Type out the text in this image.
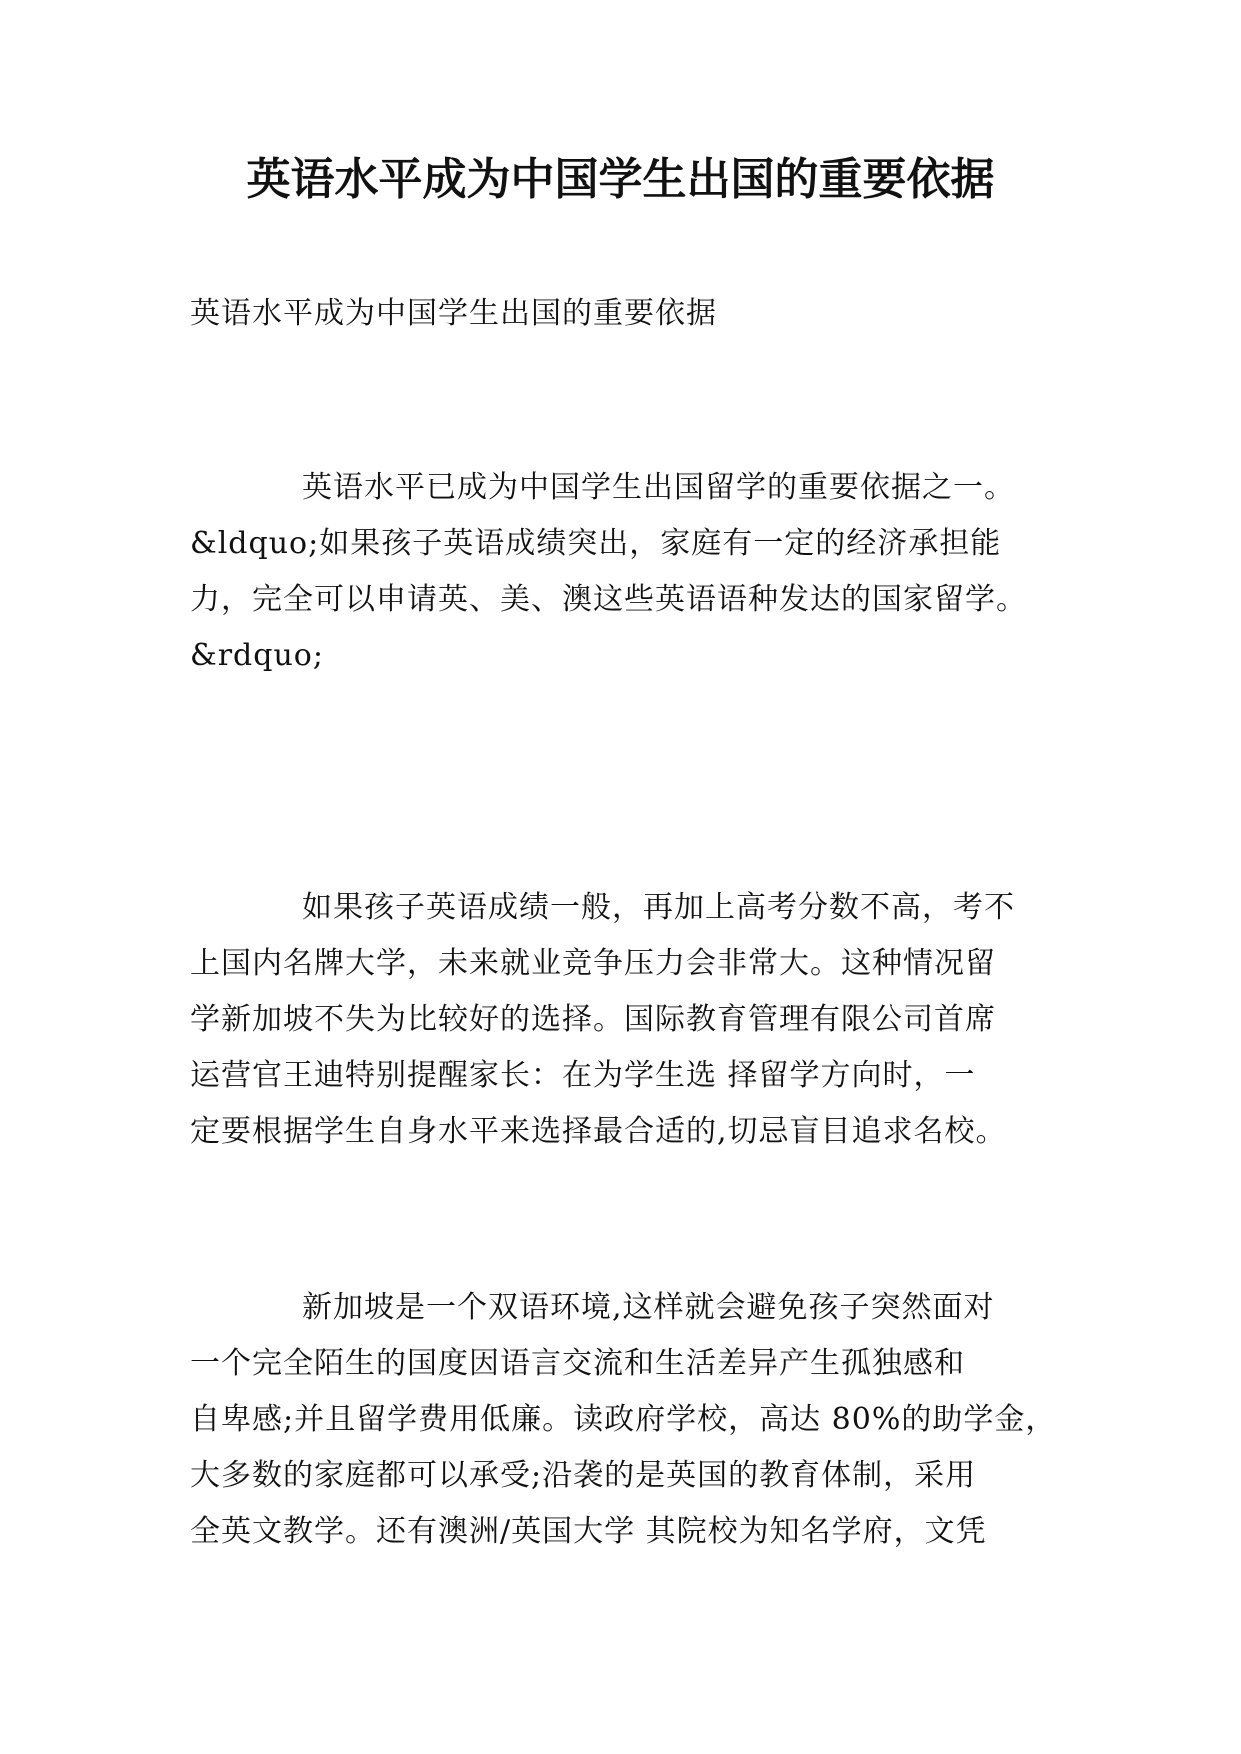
英语水平成为中国学生出国的重要依据

英语水平成为中国学生出国的重要依据

英语水平已成为中国学生出国留学的重要依据之一。
&ldquo;如果孩子英语成绩突出，家庭有一定的经济承担能
力，完全可以申请英、美、澳这些英语语种发达的国家留学。
&rdquo;
如果孩子英语成绩一般，再加上高考分数不高，考不
上国内名牌大学，未来就业竞争压力会非常大。这种情况留
学新加坡不失为比较好的选择。国际教育管理有限公司首席
运营官王迪特别提醒家长：在为学生选 择留学方向时，一
定要根据学生自身水平来选择最合适的,切忌盲目追求名校。
新加坡是一个双语环境,这样就会避免孩子突然面对
一个完全陌生的国度因语言交流和生活差异产生孤独感和
自卑感;并且留学费用低廉。读政府学校，高达 80%的助学金，
大多数的家庭都可以承受;沿袭的是英国的教育体制，采用
全英文教学。还有澳洲/英国大学 其院校为知名学府，文凭
